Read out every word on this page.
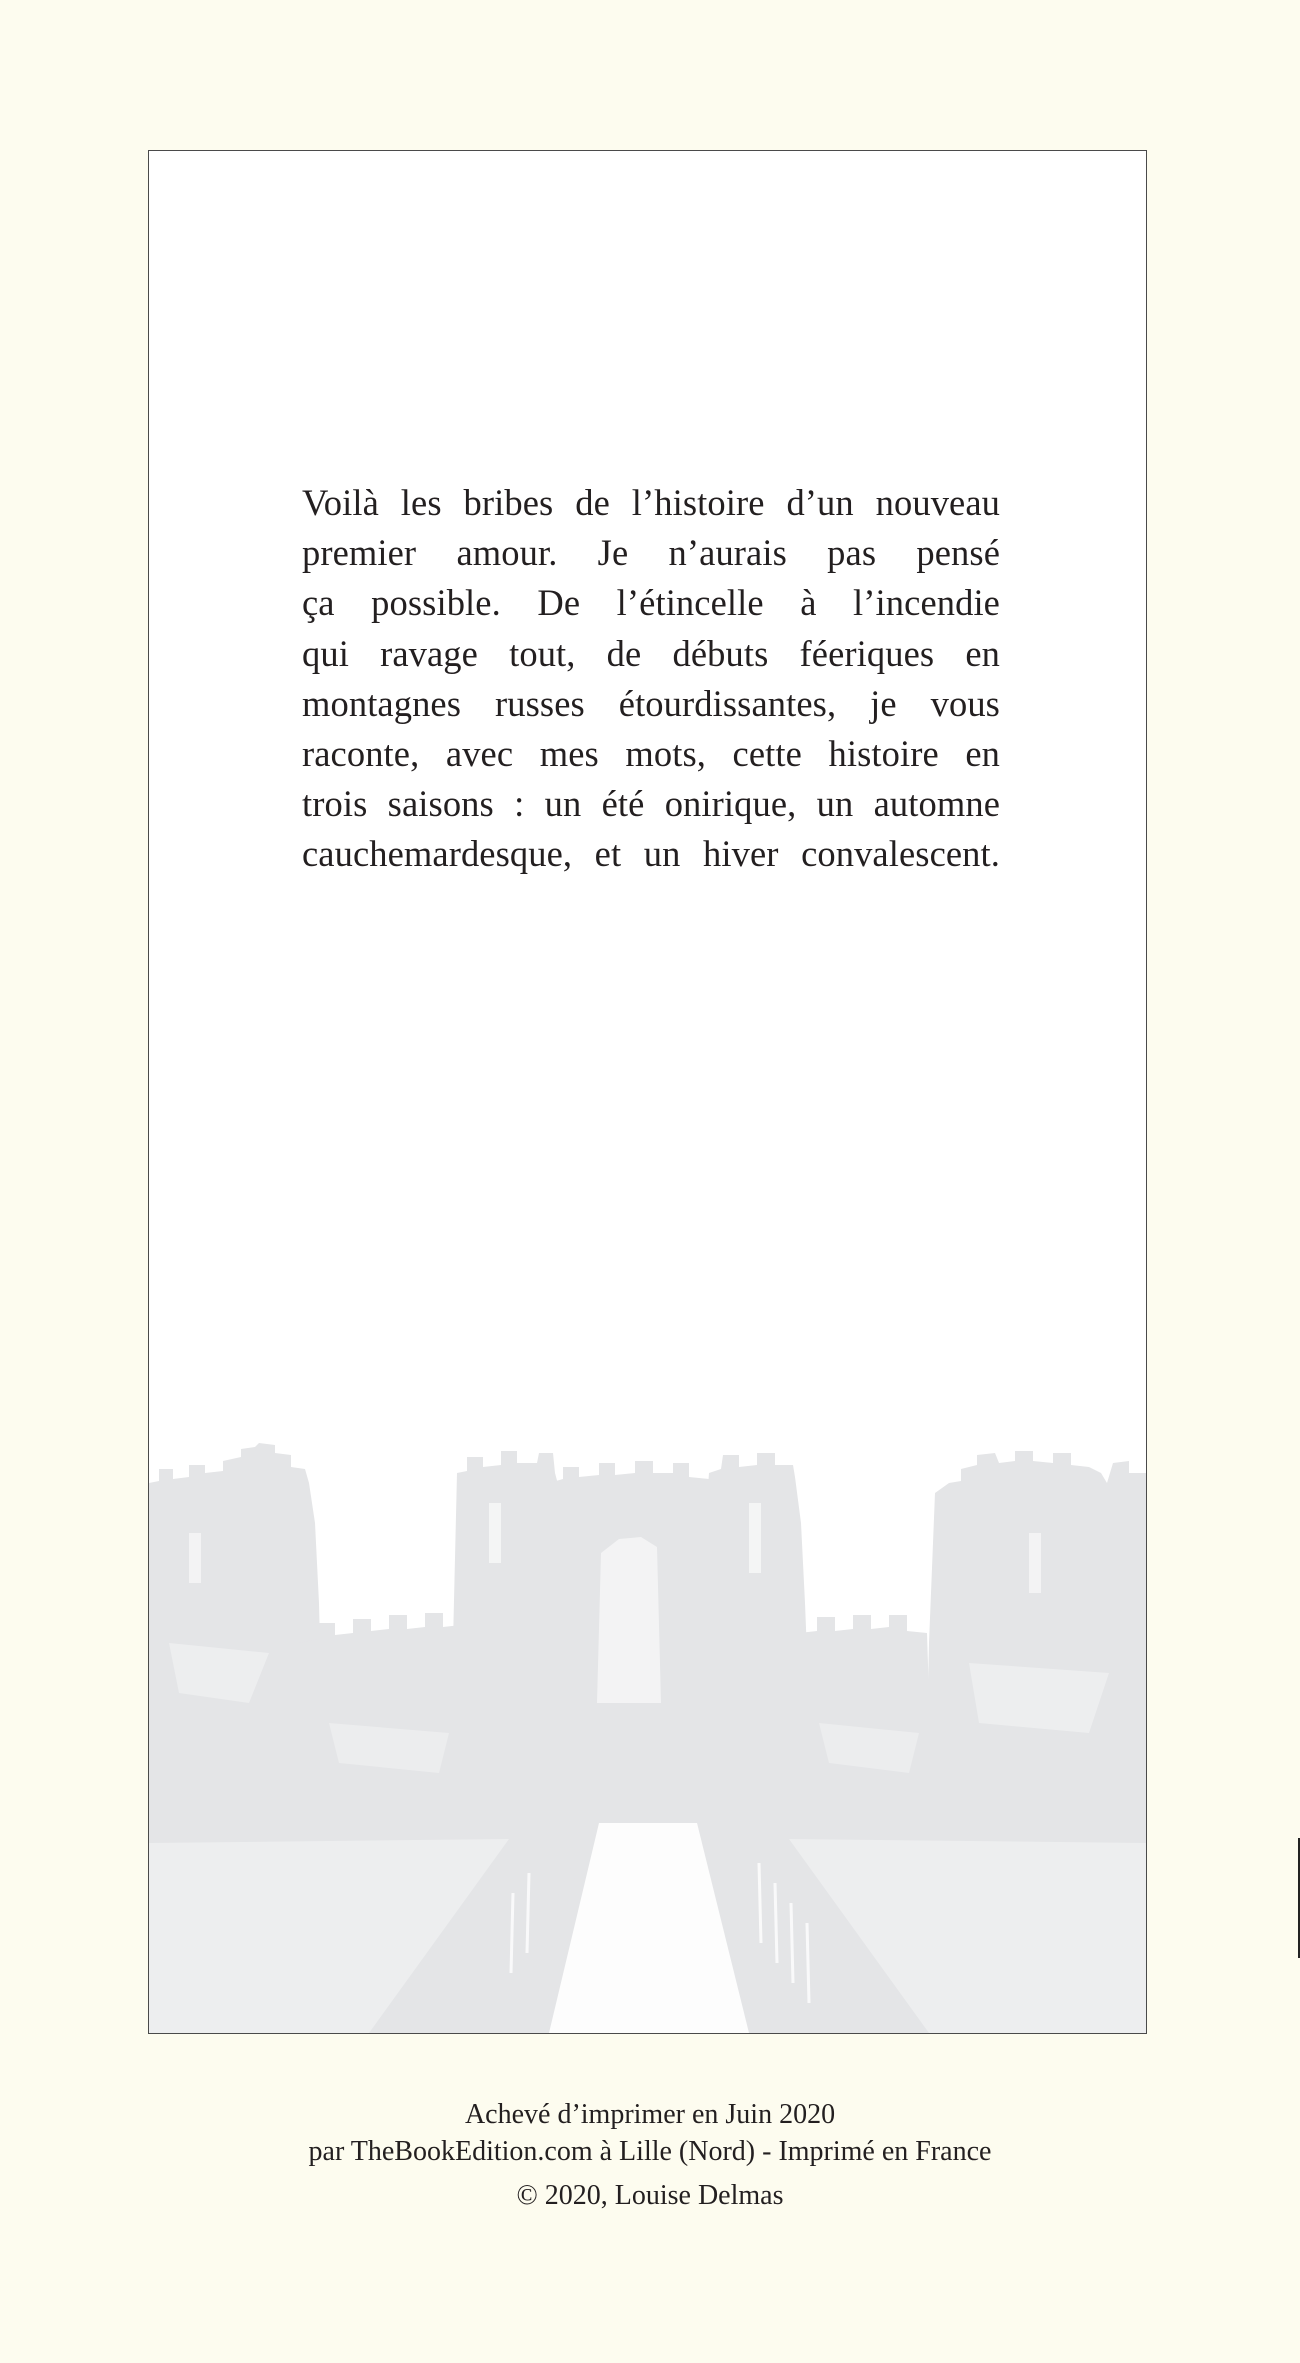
Voilà les bribes de l’histoire d’un nouveau
premier amour. Je n’aurais pas pensé
ça possible. De l’étincelle à l’incendie
qui ravage tout, de débuts féeriques en
montagnes russes étourdissantes, je vous
raconte, avec mes mots, cette histoire en
trois saisons : un été onirique, un automne
cauchemardesque, et un hiver convalescent.

Achevé d’imprimer en Juin 2020
par TheBookEdition.com à Lille (Nord) - Imprimé en France
© 2020, Louise Delmas
